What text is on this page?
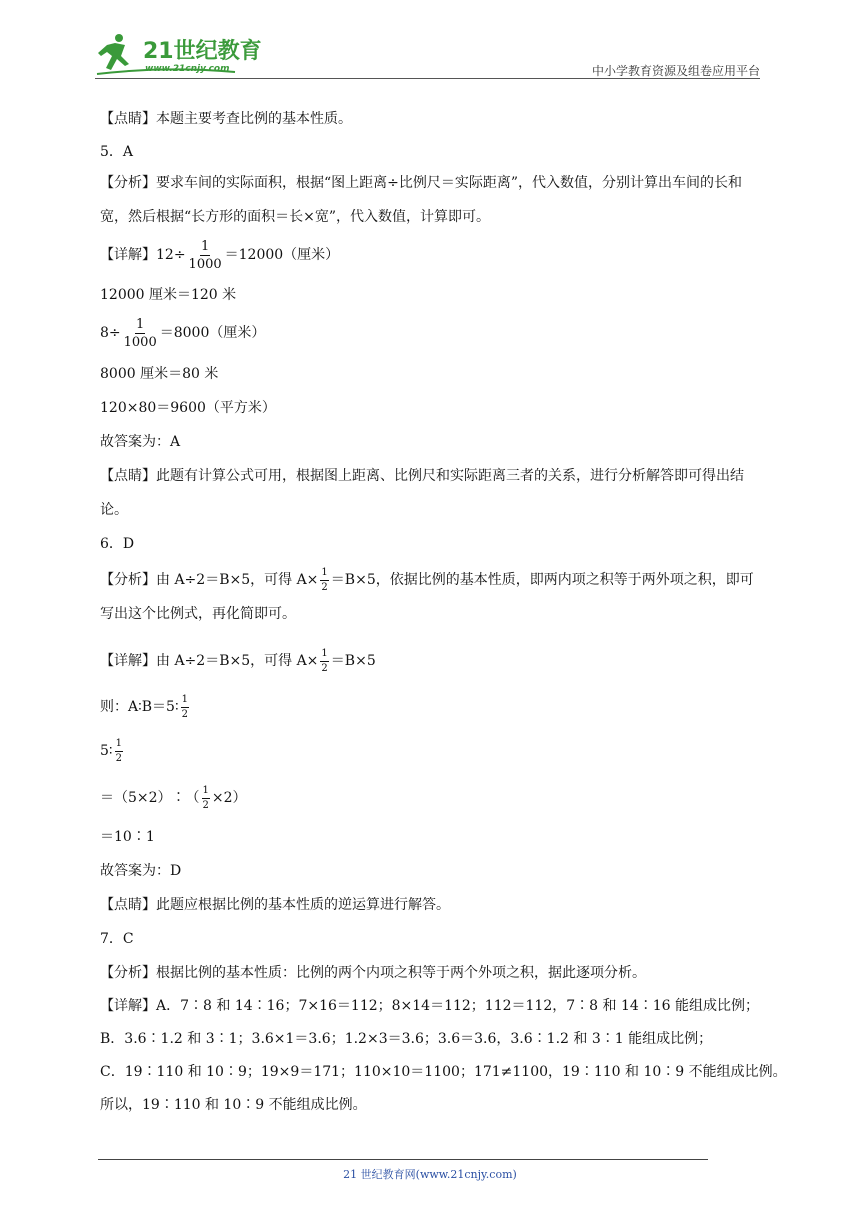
21世纪教育
www.21cnjy.com	中小学教育资源及组卷应用平台
【点睛】本题主要考查比例的基本性质。
5．A
【分析】要求车间的实际面积，根据“图上距离÷比例尺＝实际距离”，代入数值，分别计算出车间的长和宽，然后根据“长方形的面积＝长×宽”，代入数值，计算即可。
【详解】$12\div \frac{1}{1000} =12000$（厘米）
12000 厘米＝120 米
$8\div \frac{1}{1000} =8000$（厘米）
8000 厘米＝80 米
120×80＝9600（平方米）
故答案为：A
【点睛】此题有计算公式可用，根据图上距离、比例尺和实际距离三者的关系，进行分析解答即可得出结论。
6．D
【分析】由 A÷2＝B×5，可得 $A\times \frac{1}{2} =B\times 5$，依据比例的基本性质，即两内项之积等于两外项之积，即可写出这个比例式，再化简即可。
【详解】由 A÷2＝B×5，可得 $A\times \frac{1}{2} =B\times 5$
则：A∶B＝5∶ $\frac{1}{2}$
5∶ $\frac{1}{2}$
＝（5×2）∶（ $\frac{1}{2} \times 2$）
＝10∶1
故答案为：D
【点睛】此题应根据比例的基本性质的逆运算进行解答。
7．C
【分析】根据比例的基本性质：比例的两个内项之积等于两个外项之积，据此逐项分析。
【详解】A．7∶8 和 14∶16；7×16＝112；8×14＝112；112＝112，7∶8 和 14∶16 能组成比例；
B．3.6∶1.2 和 3∶1；3.6×1＝3.6；1.2×3＝3.6；3.6＝3.6，3.6∶1.2 和 3∶1 能组成比例；
C．19∶110 和 10∶9；19×9＝171；110×10＝1100；171≠1100，19∶110 和 10∶9 不能组成比例。
所以，19∶110 和 10∶9 不能组成比例。
21 世纪教育网(www.21cnjy.com)
